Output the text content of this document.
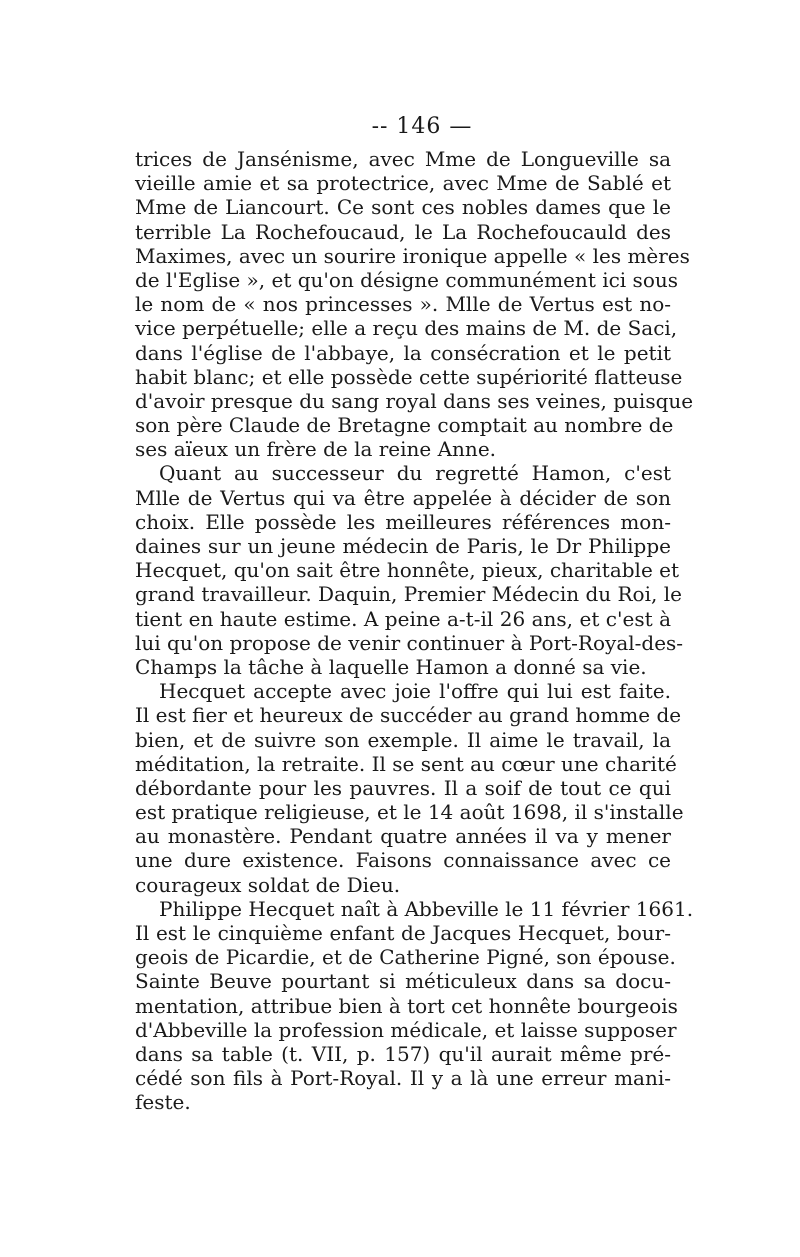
-- 146 —
trices de Jansénisme, avec Mme de Longueville sa
vieille amie et sa protectrice, avec Mme de Sablé et
Mme de Liancourt. Ce sont ces nobles dames que le
terrible La Rochefoucaud, le La Rochefoucauld des
Maximes, avec un sourire ironique appelle « les mères
de l'Eglise », et qu'on désigne communément ici sous
le nom de « nos princesses ». Mlle de Vertus est no-
vice perpétuelle; elle a reçu des mains de M. de Saci,
dans l'église de l'abbaye, la consécration et le petit
habit blanc; et elle possède cette supériorité flatteuse
d'avoir presque du sang royal dans ses veines, puisque
son père Claude de Bretagne comptait au nombre de
ses aïeux un frère de la reine Anne.
Quant au successeur du regretté Hamon, c'est
Mlle de Vertus qui va être appelée à décider de son
choix. Elle possède les meilleures références mon-
daines sur un jeune médecin de Paris, le Dr Philippe
Hecquet, qu'on sait être honnête, pieux, charitable et
grand travailleur. Daquin, Premier Médecin du Roi, le
tient en haute estime. A peine a-t-il 26 ans, et c'est à
lui qu'on propose de venir continuer à Port-Royal-des-
Champs la tâche à laquelle Hamon a donné sa vie.
Hecquet accepte avec joie l'offre qui lui est faite.
Il est fier et heureux de succéder au grand homme de
bien, et de suivre son exemple. Il aime le travail, la
méditation, la retraite. Il se sent au cœur une charité
débordante pour les pauvres. Il a soif de tout ce qui
est pratique religieuse, et le 14 août 1698, il s'installe
au monastère. Pendant quatre années il va y mener
une dure existence. Faisons connaissance avec ce
courageux soldat de Dieu.
Philippe Hecquet naît à Abbeville le 11 février 1661.
Il est le cinquième enfant de Jacques Hecquet, bour-
geois de Picardie, et de Catherine Pigné, son épouse.
Sainte Beuve pourtant si méticuleux dans sa docu-
mentation, attribue bien à tort cet honnête bourgeois
d'Abbeville la profession médicale, et laisse supposer
dans sa table (t. VII, p. 157) qu'il aurait même pré-
cédé son fils à Port-Royal. Il y a là une erreur mani-
feste.
